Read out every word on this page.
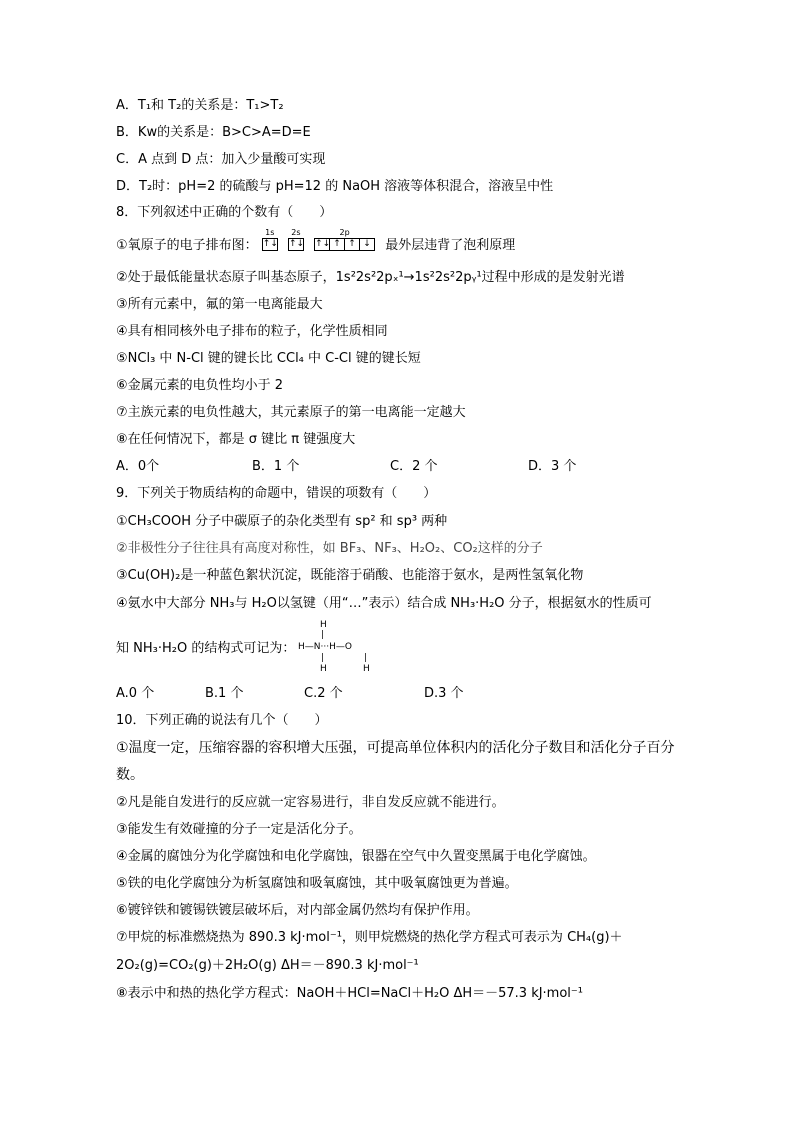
A．T₁和 T₂的关系是：T₁>T₂
B．Kw的关系是：B>C>A=D=E
C．A 点到 D 点：加入少量酸可实现
D．T₂时：pH=2 的硫酸与 pH=12 的 NaOH 溶液等体积混合，溶液呈中性
8．下列叙述中正确的个数有（　　）
①氧原子的电子排布图：
1s
↑↓
2s
↑↓
2p
↑↓ ↑ ↑ ↓ 最外层违背了泡利原理
②处于最低能量状态原子叫基态原子，1s²2s²2pₓ¹→1s²2s²2pᵧ¹过程中形成的是发射光谱
③所有元素中，氟的第一电离能最大
④具有相同核外电子排布的粒子，化学性质相同
⑤NCl₃ 中 N-Cl 键的键长比 CCl₄ 中 C-Cl 键的键长短
⑥金属元素的电负性均小于 2
⑦主族元素的电负性越大，其元素原子的第一电离能一定越大
⑧在任何情况下，都是 σ 键比 π 键强度大
A．0个	B．1 个	C．2 个	D．3 个
9．下列关于物质结构的命题中，错误的项数有（　　）
①CH₃COOH 分子中碳原子的杂化类型有 sp² 和 sp³ 两种
②非极性分子往往具有高度对称性，如 BF₃、NF₃、H₂O₂、CO₂这样的分子
③Cu(OH)₂是一种蓝色絮状沉淀，既能溶于硝酸、也能溶于氨水，是两性氢氧化物
④氨水中大部分 NH₃与 H₂O以氢键（用“…”表示）结合成 NH₃·H₂O 分子，根据氨水的性质可
知 NH₃·H₂O 的结构式可记为：
H
|
H—N···H—O
|	|
H	H
A.0 个	B.1 个	C.2 个	D.3 个
10．下列正确的说法有几个（　　）
①温度一定，压缩容器的容积增大压强，可提高单位体积内的活化分子数目和活化分子百分
数。
②凡是能自发进行的反应就一定容易进行，非自发反应就不能进行。
③能发生有效碰撞的分子一定是活化分子。
④金属的腐蚀分为化学腐蚀和电化学腐蚀，银器在空气中久置变黑属于电化学腐蚀。
⑤铁的电化学腐蚀分为析氢腐蚀和吸氧腐蚀，其中吸氧腐蚀更为普遍。
⑥镀锌铁和镀锡铁镀层破坏后，对内部金属仍然均有保护作用。
⑦甲烷的标准燃烧热为 890.3 kJ·mol⁻¹，则甲烷燃烧的热化学方程式可表示为 CH₄(g)＋
2O₂(g)=CO₂(g)＋2H₂O(g) ΔH＝－890.3 kJ·mol⁻¹
⑧表示中和热的热化学方程式：NaOH＋HCl=NaCl＋H₂O ΔH＝－57.3 kJ·mol⁻¹
